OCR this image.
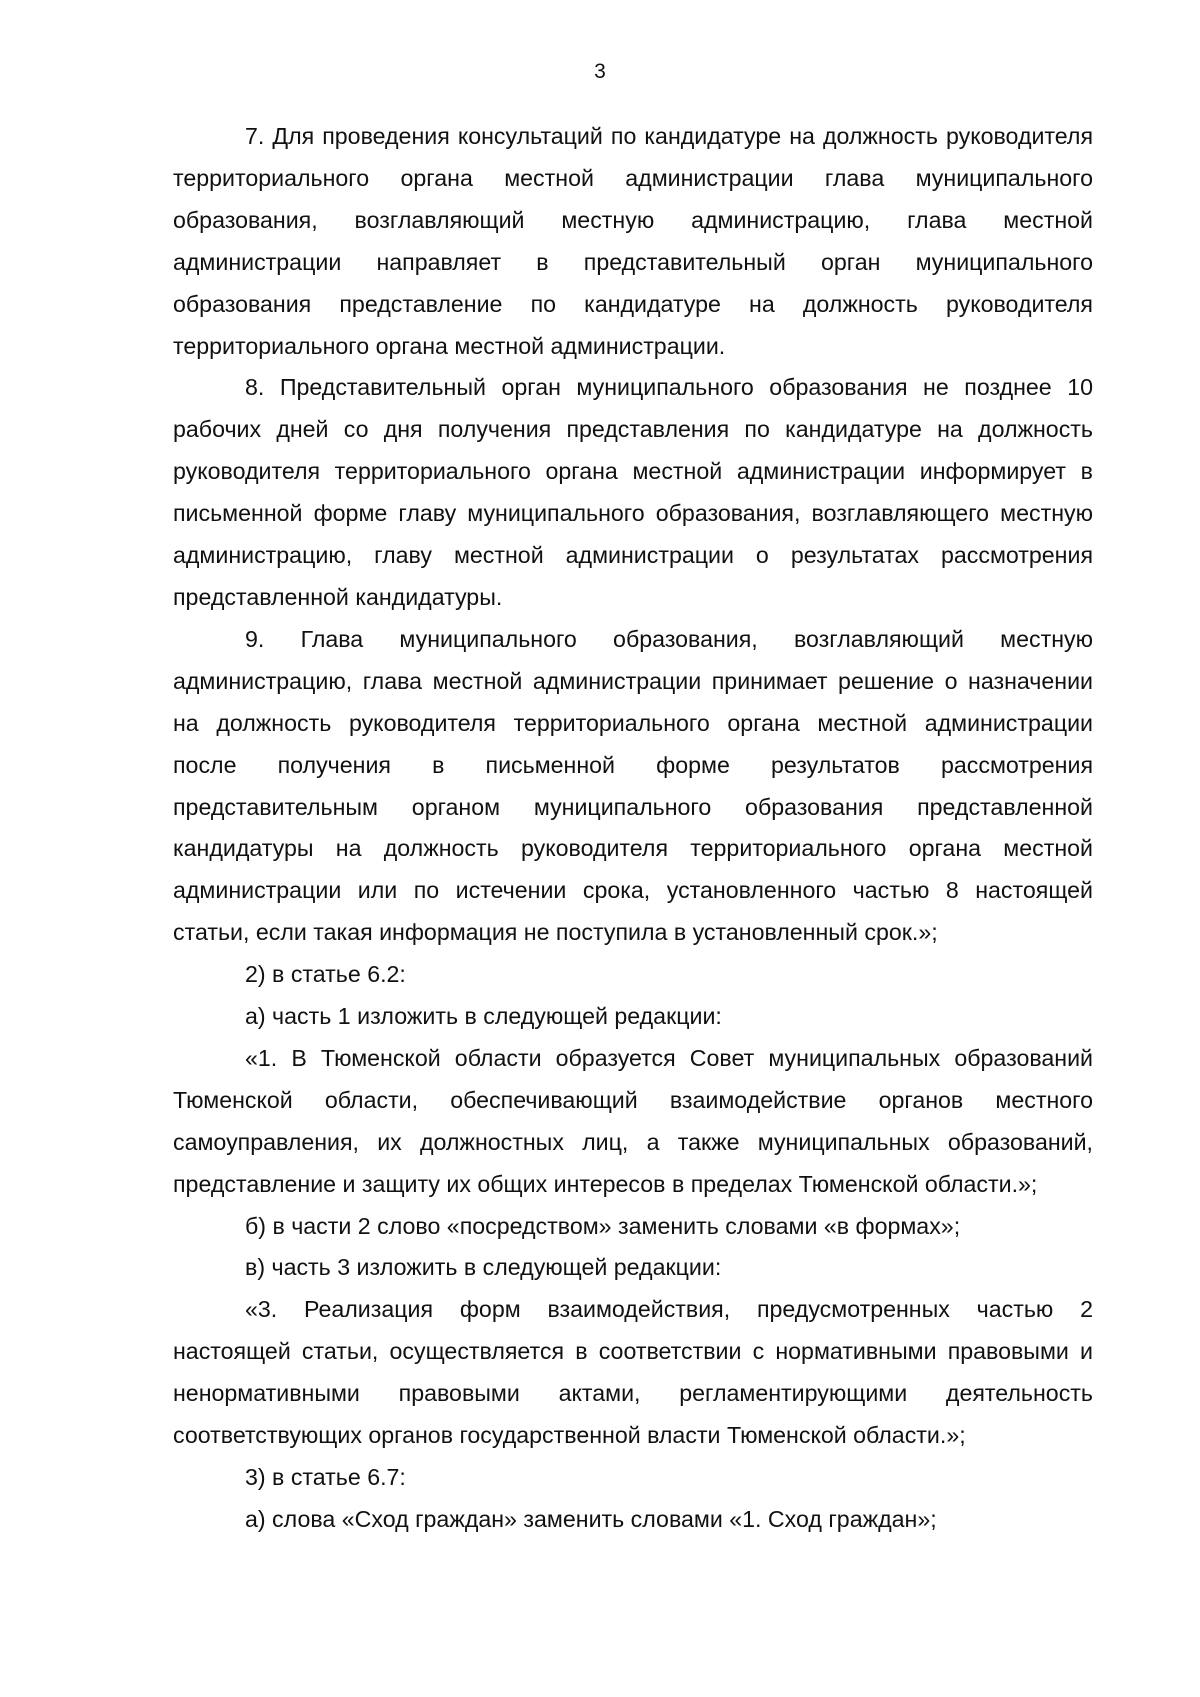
3

7. Для проведения консультаций по кандидатуре на должность руководителя территориального органа местной администрации глава муниципального образования, возглавляющий местную администрацию, глава местной администрации направляет в представительный орган муниципального образования представление по кандидатуре на должность руководителя территориального органа местной администрации.

8. Представительный орган муниципального образования не позднее 10 рабочих дней со дня получения представления по кандидатуре на должность руководителя территориального органа местной администрации информирует в письменной форме главу муниципального образования, возглавляющего местную администрацию, главу местной администрации о результатах рассмотрения представленной кандидатуры.

9. Глава муниципального образования, возглавляющий местную администрацию, глава местной администрации принимает решение о назначении на должность руководителя территориального органа местной администрации после получения в письменной форме результатов рассмотрения представительным органом муниципального образования представленной кандидатуры на должность руководителя территориального органа местной администрации или по истечении срока, установленного частью 8 настоящей статьи, если такая информация не поступила в установленный срок.»;

2) в статье 6.2:

а) часть 1 изложить в следующей редакции:

«1. В Тюменской области образуется Совет муниципальных образований Тюменской области, обеспечивающий взаимодействие органов местного самоуправления, их должностных лиц, а также муниципальных образований, представление и защиту их общих интересов в пределах Тюменской области.»;

б) в части 2 слово «посредством» заменить словами «в формах»;

в) часть 3 изложить в следующей редакции:

«3. Реализация форм взаимодействия, предусмотренных частью 2 настоящей статьи, осуществляется в соответствии с нормативными правовыми и ненормативными правовыми актами, регламентирующими деятельность соответствующих органов государственной власти Тюменской области.»;

3) в статье 6.7:

а) слова «Сход граждан» заменить словами «1. Сход граждан»;
